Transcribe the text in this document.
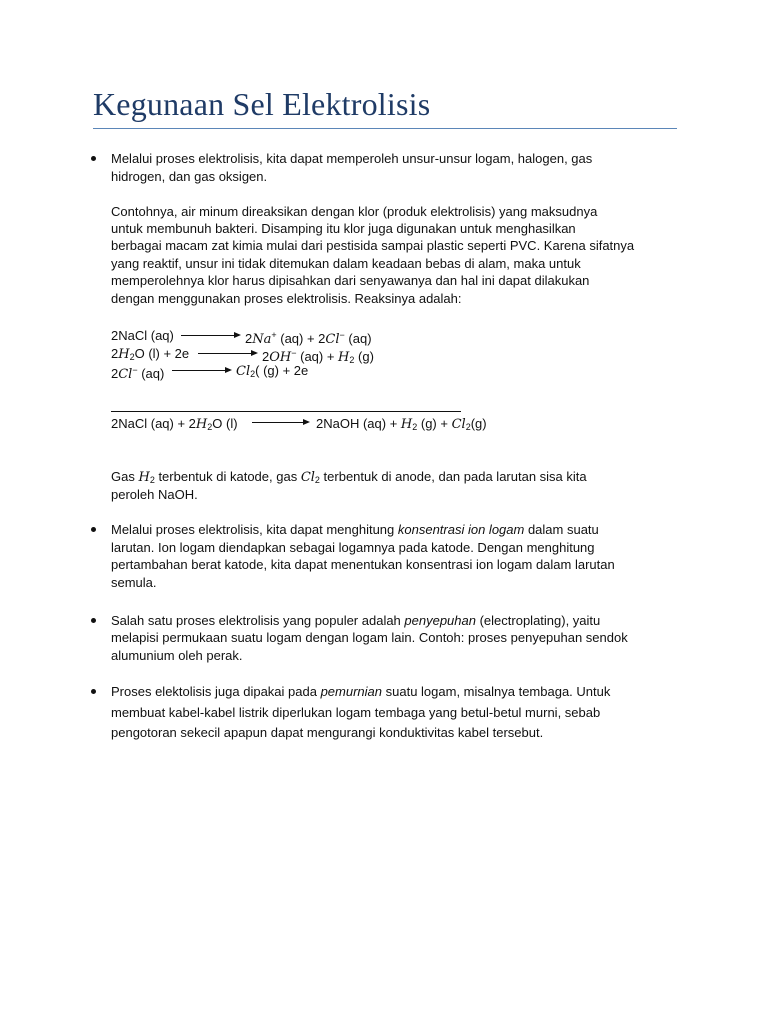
Kegunaan Sel Elektrolisis
Melalui proses elektrolisis, kita dapat memperoleh unsur-unsur logam, halogen, gas
hidrogen, dan gas oksigen.
Contohnya, air minum direaksikan dengan klor (produk elektrolisis) yang maksudnya
untuk membunuh bakteri. Disamping itu klor juga digunakan untuk menghasilkan
berbagai macam zat kimia mulai dari pestisida sampai plastic seperti PVC. Karena sifatnya
yang reaktif, unsur ini tidak ditemukan dalam keadaan bebas di alam, maka untuk
memperolehnya klor harus dipisahkan dari senyawanya dan hal ini dapat dilakukan
dengan menggunakan proses elektrolisis. Reaksinya adalah:
2NaCl (aq) → 2Na+ (aq) + 2Cl− (aq)
$2H_2O$ (l) + 2e → 2OH− $(aq) + H_2$ (g)
2Cl− $(aq) \to Cl_2$( (g) + 2e
2NaCl $(aq) + 2H_2O$ (l)	2NaOH $(aq) + H_2$ $(g) + Cl_2(g)$
Gas $H_2$ terbentuk di katode, gas $Cl_2$ terbentuk di anode, dan pada larutan sisa kita
peroleh NaOH.
Melalui proses elektrolisis, kita dapat menghitung konsentrasi ion logam dalam suatu
larutan. Ion logam diendapkan sebagai logamnya pada katode. Dengan menghitung
pertambahan berat katode, kita dapat menentukan konsentrasi ion logam dalam larutan
semula.
Salah satu proses elektrolisis yang populer adalah penyepuhan (electroplating), yaitu
melapisi permukaan suatu logam dengan logam lain. Contoh: proses penyepuhan sendok
alumunium oleh perak.
Proses elektolisis juga dipakai pada pemurnian suatu logam, misalnya tembaga. Untuk
membuat kabel-kabel listrik diperlukan logam tembaga yang betul-betul murni, sebab
pengotoran sekecil apapun dapat mengurangi konduktivitas kabel tersebut.
